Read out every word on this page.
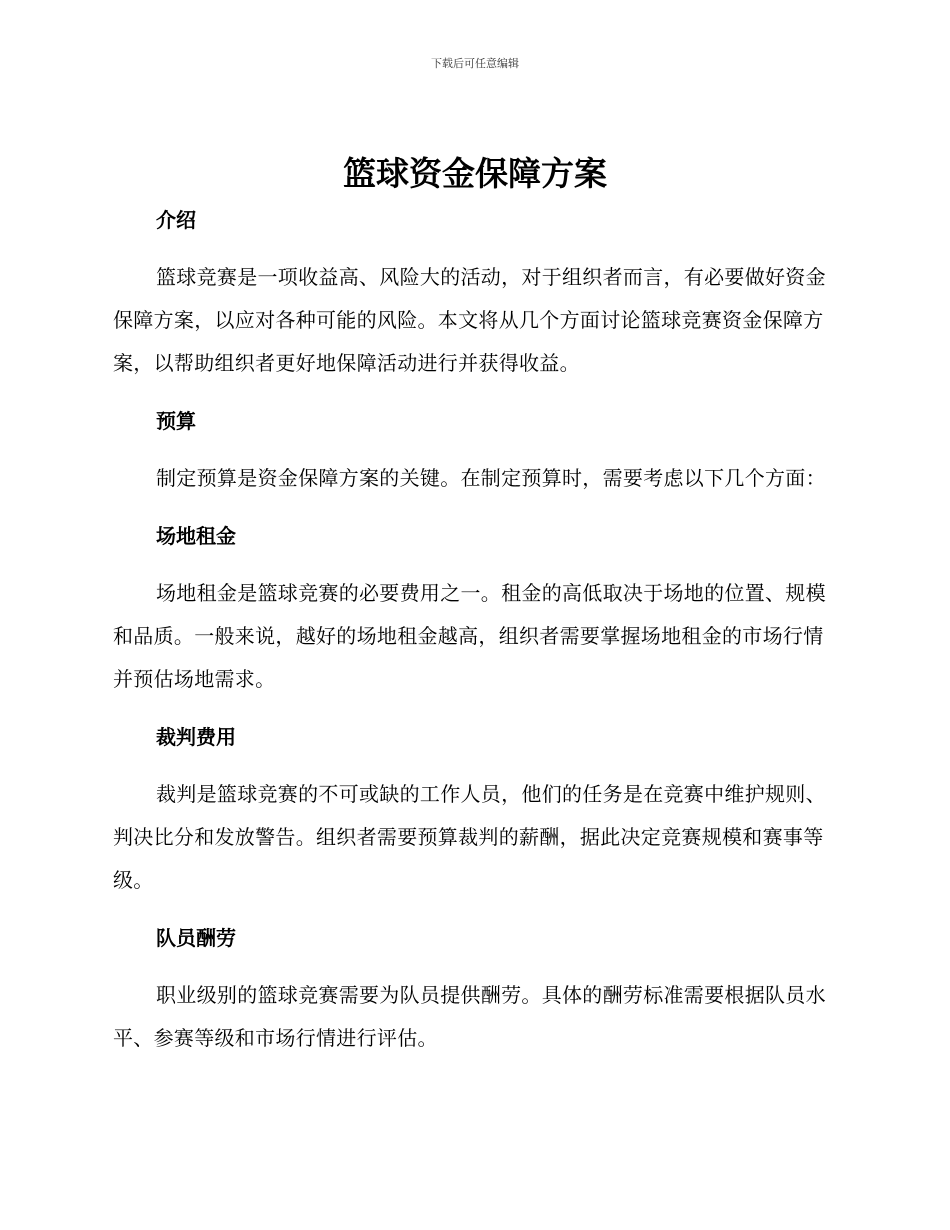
下载后可任意编辑
篮球资金保障方案
介绍

篮球竞赛是一项收益高、风险大的活动，对于组织者而言，有必要做好资金保障方案，以应对各种可能的风险。本文将从几个方面讨论篮球竞赛资金保障方案，以帮助组织者更好地保障活动进行并获得收益。

预算

制定预算是资金保障方案的关键。在制定预算时，需要考虑以下几个方面：

场地租金

场地租金是篮球竞赛的必要费用之一。租金的高低取决于场地的位置、规模和品质。一般来说，越好的场地租金越高，组织者需要掌握场地租金的市场行情并预估场地需求。

裁判费用

裁判是篮球竞赛的不可或缺的工作人员，他们的任务是在竞赛中维护规则、判决比分和发放警告。组织者需要预算裁判的薪酬，据此决定竞赛规模和赛事等级。

队员酬劳

职业级别的篮球竞赛需要为队员提供酬劳。具体的酬劳标准需要根据队员水平、参赛等级和市场行情进行评估。
